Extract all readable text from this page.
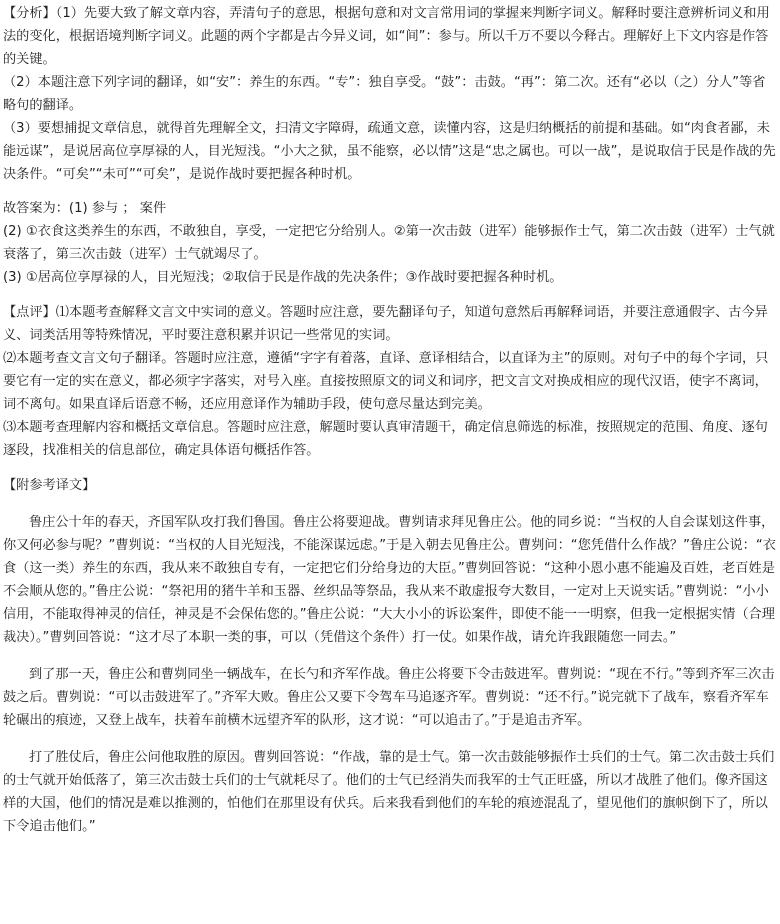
【分析】（1）先要大致了解文章内容，弄清句子的意思，根据句意和对文言常用词的掌握来判断字词义。解释时要注意辨析词义和用法的变化，根据语境判断字词义。此题的两个字都是古今异义词，如“间”：参与。所以千万不要以今释古。理解好上下文内容是作答的关键。

（2）本题注意下列字词的翻译，如“安”：养生的东西。“专”：独自享受。“鼓”：击鼓。“再”：第二次。还有“必以（之）分人”等省略句的翻译。

（3）要想捕捉文章信息，就得首先理解全文，扫清文字障碍，疏通文意，读懂内容，这是归纳概括的前提和基础。如“肉食者鄙，未能远谋”，是说居高位享厚禄的人，目光短浅。“小大之狱，虽不能察，必以情”这是“忠之属也。可以一战”，是说取信于民是作战的先决条件。“可矣”“未可”“可矣”，是说作战时要把握各种时机。

故答案为：(1) 参与 ； 案件

(2) ①衣食这类养生的东西，不敢独自，享受，一定把它分给别人。②第一次击鼓（进军）能够振作士气，第二次击鼓（进军）士气就衰落了，第三次击鼓（进军）士气就竭尽了。

(3) ①居高位享厚禄的人，目光短浅；②取信于民是作战的先决条件；③作战时要把握各种时机。

【点评】⑴本题考查解释文言文中实词的意义。答题时应注意，要先翻译句子，知道句意然后再解释词语，并要注意通假字、古今异义、词类活用等特殊情况，平时要注意积累并识记一些常见的实词。

⑵本题考查文言文句子翻译。答题时应注意，遵循“字字有着落，直译、意译相结合，以直译为主”的原则。对句子中的每个字词，只要它有一定的实在意义，都必须字字落实，对号入座。直接按照原文的词义和词序，把文言文对换成相应的现代汉语，使字不离词，词不离句。如果直译后语意不畅，还应用意译作为辅助手段，使句意尽量达到完美。

⑶本题考查理解内容和概括文章信息。答题时应注意，解题时要认真审清题干，确定信息筛选的标准，按照规定的范围、角度、逐句逐段，找准相关的信息部位，确定具体语句概括作答。

【附参考译文】

鲁庄公十年的春天，齐国军队攻打我们鲁国。鲁庄公将要迎战。曹刿请求拜见鲁庄公。他的同乡说：“当权的人自会谋划这件事，你又何必参与呢？”曹刿说：“当权的人目光短浅，不能深谋远虑。”于是入朝去见鲁庄公。曹刿问：“您凭借什么作战？”鲁庄公说：“衣食（这一类）养生的东西，我从来不敢独自专有，一定把它们分给身边的大臣。”曹刿回答说：“这种小恩小惠不能遍及百姓，老百姓是不会顺从您的。”鲁庄公说：“祭祀用的猪牛羊和玉器、丝织品等祭品，我从来不敢虚报夸大数目，一定对上天说实话。”曹刿说：“小小信用，不能取得神灵的信任，神灵是不会保佑您的。”鲁庄公说：“大大小小的诉讼案件，即使不能一一明察，但我一定根据实情（合理裁决）。”曹刿回答说：“这才尽了本职一类的事，可以（凭借这个条件）打一仗。如果作战，请允许我跟随您一同去。”

到了那一天，鲁庄公和曹刿同坐一辆战车，在长勺和齐军作战。鲁庄公将要下令击鼓进军。曹刿说：“现在不行。”等到齐军三次击鼓之后。曹刿说：“可以击鼓进军了。”齐军大败。鲁庄公又要下令驾车马追逐齐军。曹刿说：“还不行。”说完就下了战车，察看齐军车轮碾出的痕迹，又登上战车，扶着车前横木远望齐军的队形，这才说：“可以追击了。”于是追击齐军。

打了胜仗后，鲁庄公问他取胜的原因。曹刿回答说：“作战，靠的是士气。第一次击鼓能够振作士兵们的士气。第二次击鼓士兵们的士气就开始低落了，第三次击鼓士兵们的士气就耗尽了。他们的士气已经消失而我军的士气正旺盛，所以才战胜了他们。像齐国这样的大国，他们的情况是难以推测的，怕他们在那里设有伏兵。后来我看到他们的车轮的痕迹混乱了，望见他们的旗帜倒下了，所以下令追击他们。”
